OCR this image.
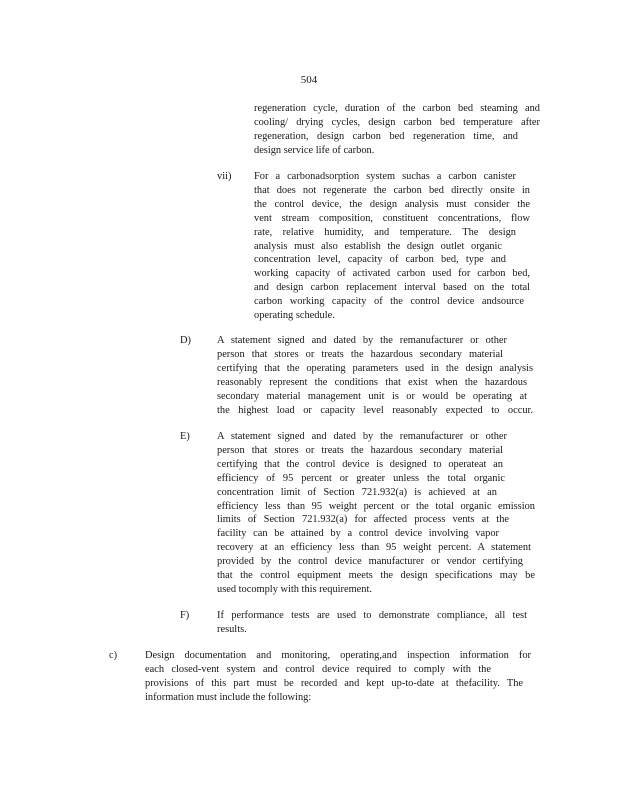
504
regeneration cycle, duration of the carbon bed steaming and
cooling/ drying cycles, design carbon bed temperature after
regeneration, design carbon bed regeneration time, and
design service life of carbon.
vii) For a carbonadsorption system suchas a carbon canister
that does not regenerate the carbon bed directly onsite in
the control device, the design analysis must consider the
vent stream composition, constituent concentrations, flow
rate, relative humidity, and temperature. The design
analysis must also establish the design outlet organic
concentration level, capacity of carbon bed, type and
working capacity of activated carbon used for carbon bed,
and design carbon replacement interval based on the total
carbon working capacity of the control device andsource
operating schedule.
D)	A statement signed and dated by the remanufacturer or other
person that stores or treats the hazardous secondary material
certifying that the operating parameters used in the design analysis
reasonably represent the conditions that exist when the hazardous
secondary material management unit is or would be operating at
the highest load or capacity level reasonably expected to occur.
E)	A statement signed and dated by the remanufacturer or other
person that stores or treats the hazardous secondary material
certifying that the control device is designed to operateat an
efficiency of 95 percent or greater unless the total organic
concentration limit of Section 721.932(a) is achieved at an
efficiency less than 95 weight percent or the total organic emission
limits of Section 721.932(a) for affected process vents at the
facility can be attained by a control device involving vapor
recovery at an efficiency less than 95 weight percent. A statement
provided by the control device manufacturer or vendor certifying
that the control equipment meets the design specifications may be
used tocomply with this requirement.
F)	If performance tests are used to demonstrate compliance, all test
results.
c)	Design documentation and monitoring, operating,and inspection information for
each closed-vent system and control device required to comply with the
provisions of this part must be recorded and kept up-to-date at thefacility. The
information must include the following:
